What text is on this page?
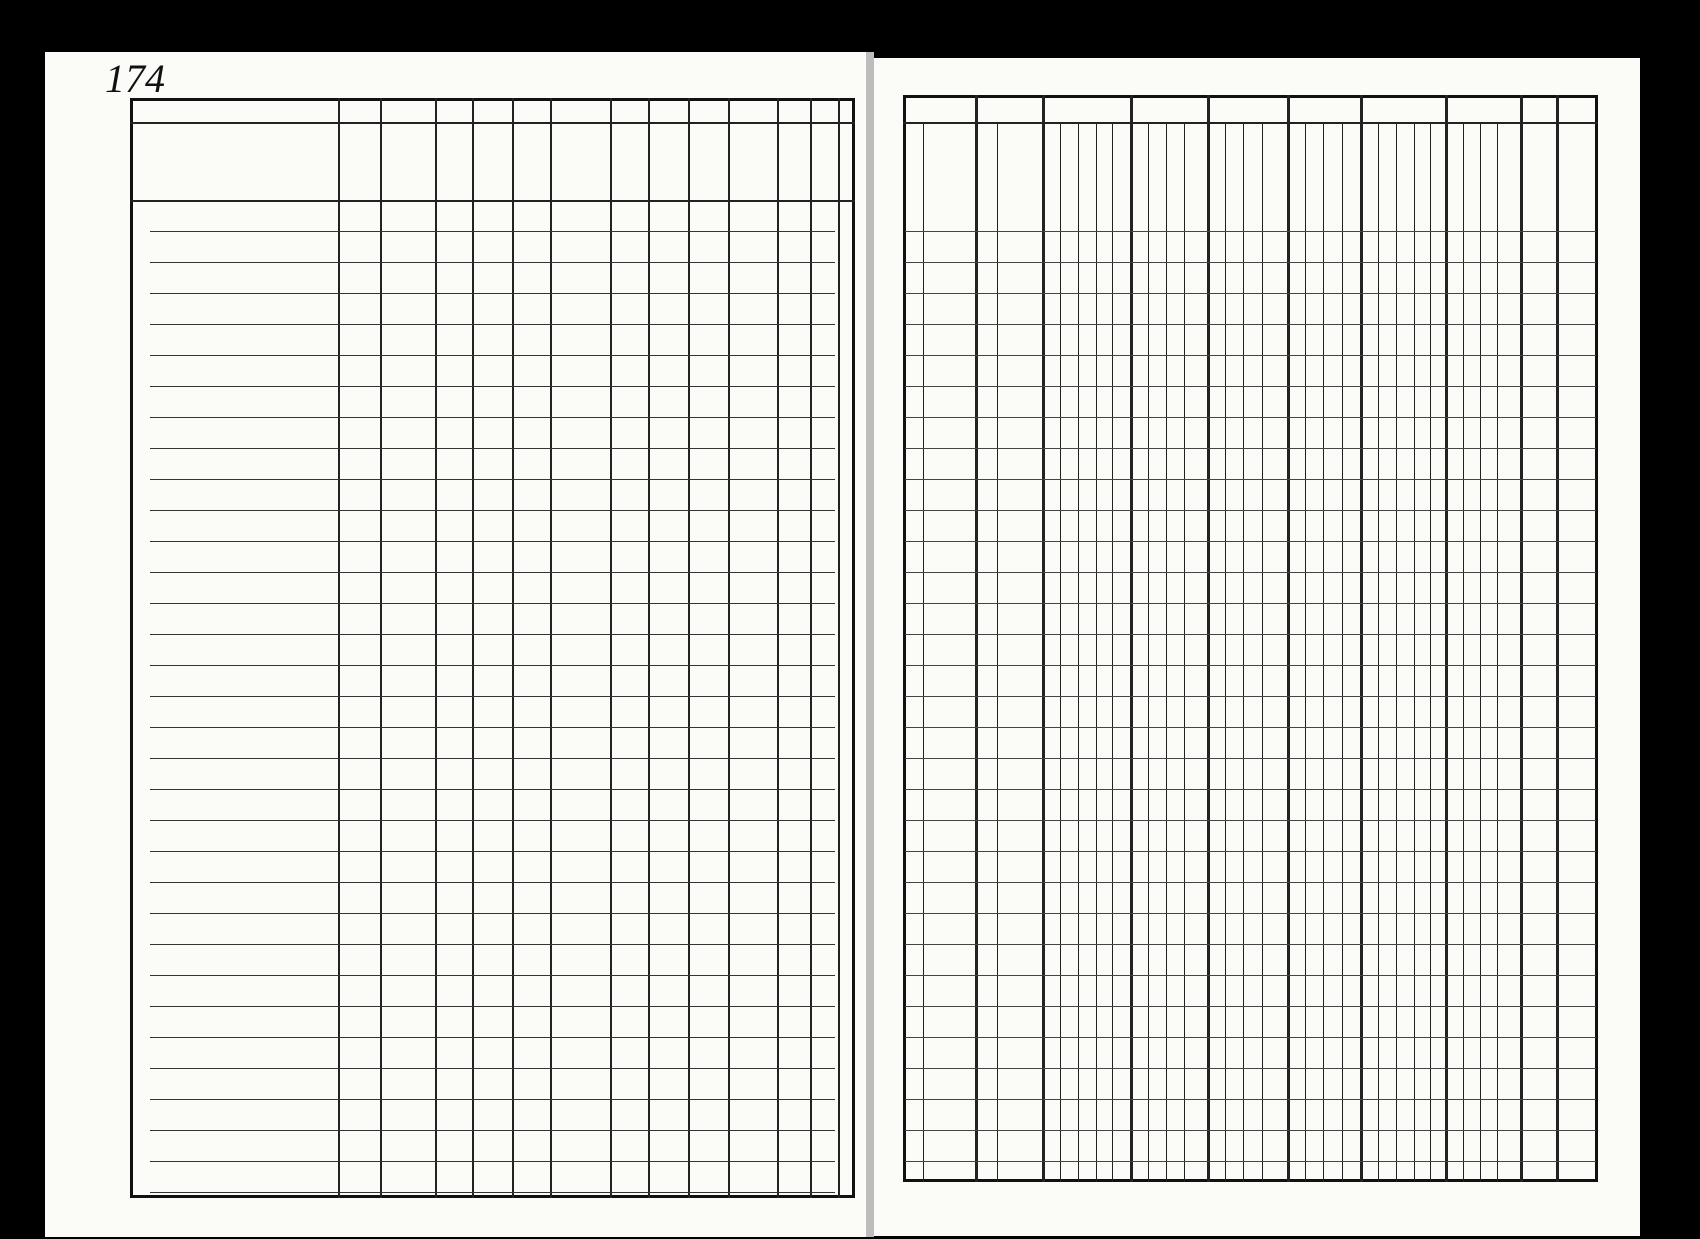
174
